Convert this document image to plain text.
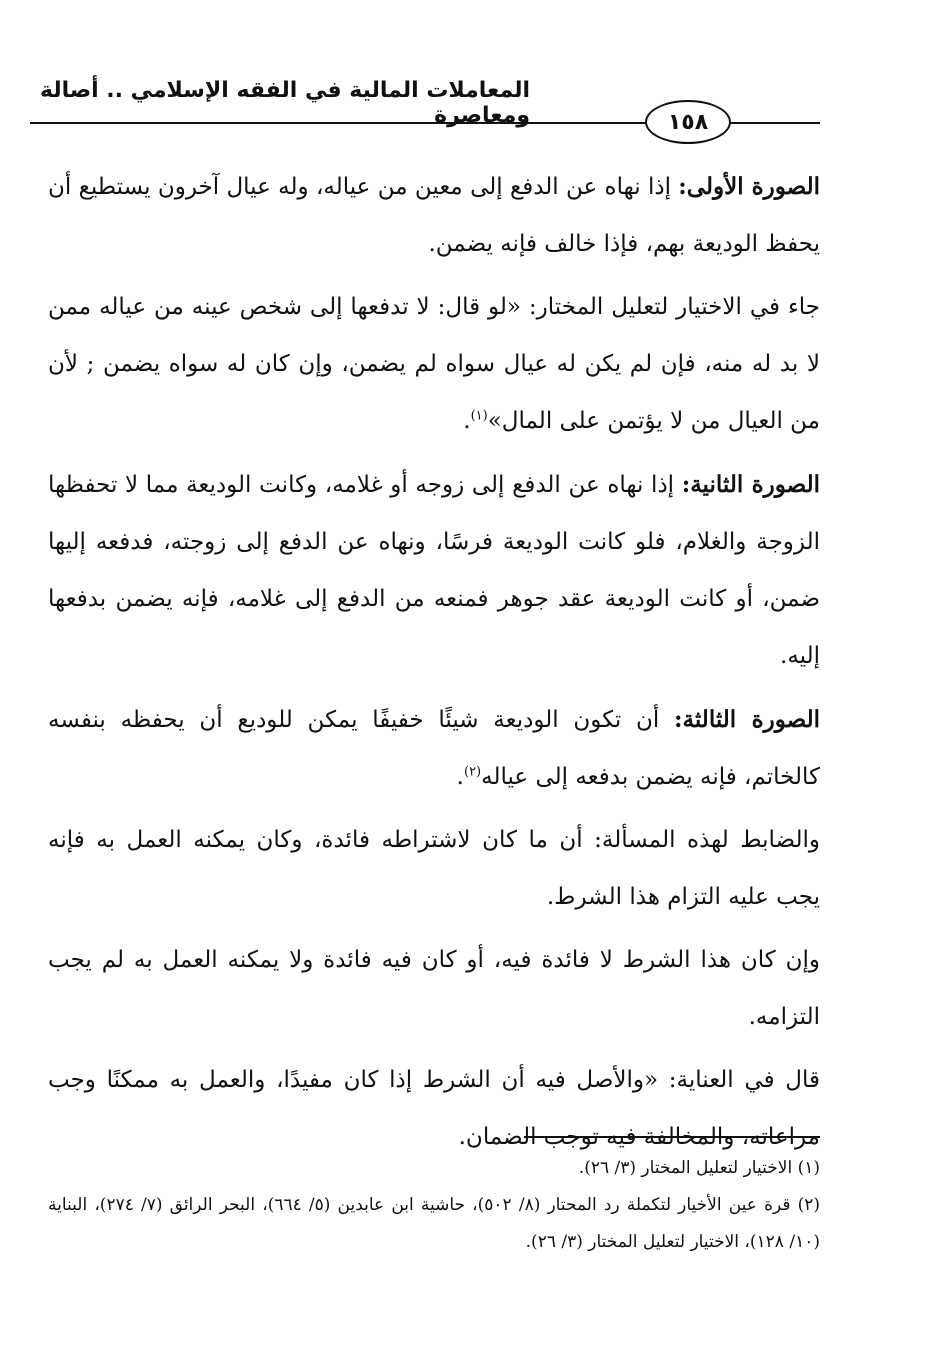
المعاملات المالية في الفقه الإسلامي .. أصالة ومعاصرة	١٥٨

الصورة الأولى: إذا نهاه عن الدفع إلى معين من عياله، وله عيال آخرون يستطيع أن يحفظ الوديعة بهم، فإذا خالف فإنه يضمن.

جاء في الاختيار لتعليل المختار: «لو قال: لا تدفعها إلى شخص عينه من عياله ممن لا بد له منه، فإن لم يكن له عيال سواه لم يضمن، وإن كان له سواه يضمن ; لأن من العيال من لا يؤتمن على المال»$^{(١)}$.

الصورة الثانية: إذا نهاه عن الدفع إلى زوجه أو غلامه، وكانت الوديعة مما لا تحفظها الزوجة والغلام، فلو كانت الوديعة فرسًا، ونهاه عن الدفع إلى زوجته، فدفعه إليها ضمن، أو كانت الوديعة عقد جوهر فمنعه من الدفع إلى غلامه، فإنه يضمن بدفعها إليه.

الصورة الثالثة: أن تكون الوديعة شيئًا خفيفًا يمكن للوديع أن يحفظه بنفسه كالخاتم، فإنه يضمن بدفعه إلى عياله$^{(٢)}$.

والضابط لهذه المسألة: أن ما كان لاشتراطه فائدة، وكان يمكنه العمل به فإنه يجب عليه التزام هذا الشرط.

وإن كان هذا الشرط لا فائدة فيه، أو كان فيه فائدة ولا يمكنه العمل به لم يجب التزامه.

قال في العناية: «والأصل فيه أن الشرط إذا كان مفيدًا، والعمل به ممكنًا وجب مراعاته، والمخالفة فيه توجب الضمان.

(١) الاختيار لتعليل المختار (٣/ ٢٦).

(٢) قرة عين الأخيار لتكملة رد المحتار (٨/ ٥٠٢)، حاشية ابن عابدين (٥/ ٦٦٤)، البحر الرائق (٧/ ٢٧٤)، البناية (١٠/ ١٢٨)، الاختيار لتعليل المختار (٣/ ٢٦).
